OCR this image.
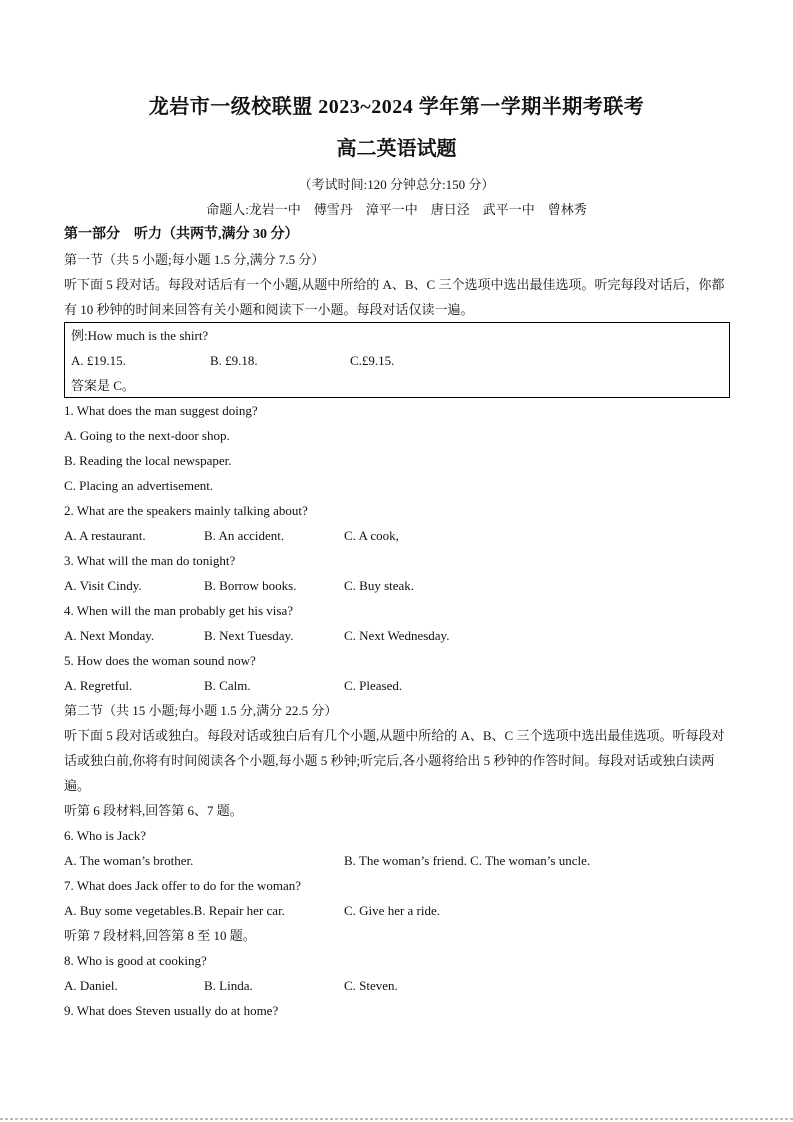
龙岩市一级校联盟 2023~2024 学年第一学期半期考联考
高二英语试题
（考试时间:120 分钟总分:150 分）
命题人:龙岩一中　傅雪丹　漳平一中　唐日泾　武平一中　曾林秀
第一部分　听力（共两节,满分 30 分）
第一节（共 5 小题;每小题 1.5 分,满分 7.5 分）
听下面 5 段对话。每段对话后有一个小题,从题中所给的 A、B、C 三个选项中选出最佳选项。听完每段对话后，你都有 10 秒钟的时间来回答有关小题和阅读下一小题。每段对话仅读一遍。
例:How much is the shirt?
A. £19.15.	B. £9.18.	C.£9.15.
答案是 C。
1. What does the man suggest doing?
A. Going to the next-door shop.
B. Reading the local newspaper.
C. Placing an advertisement.
2. What are the speakers mainly talking about?
A. A restaurant.	B. An accident.	C. A cook,
3. What will the man do tonight?
A. Visit Cindy.	B. Borrow books.	C. Buy steak.
4. When will the man probably get his visa?
A. Next Monday.	B. Next Tuesday.	C. Next Wednesday.
5. How does the woman sound now?
A. Regretful.	B. Calm.	C. Pleased.
第二节（共 15 小题;每小题 1.5 分,满分 22.5 分）
听下面 5 段对话或独白。每段对话或独白后有几个小题,从题中所给的 A、B、C 三个选项中选出最佳选项。听每段对话或独白前,你将有时间阅读各个小题,每小题 5 秒钟;听完后,各小题将给出 5 秒钟的作答时间。每段对话或独白读两遍。
听第 6 段材料,回答第 6、7 题。
6. Who is Jack?
A. The woman’s brother.	B. The woman’s friend. C. The woman’s uncle.
7. What does Jack offer to do for the woman?
A. Buy some vegetables.B. Repair her car.	C. Give her a ride.
听第 7 段材料,回答第 8 至 10 题。
8. Who is good at cooking?
A. Daniel.	B. Linda.	C. Steven.
9. What does Steven usually do at home?
